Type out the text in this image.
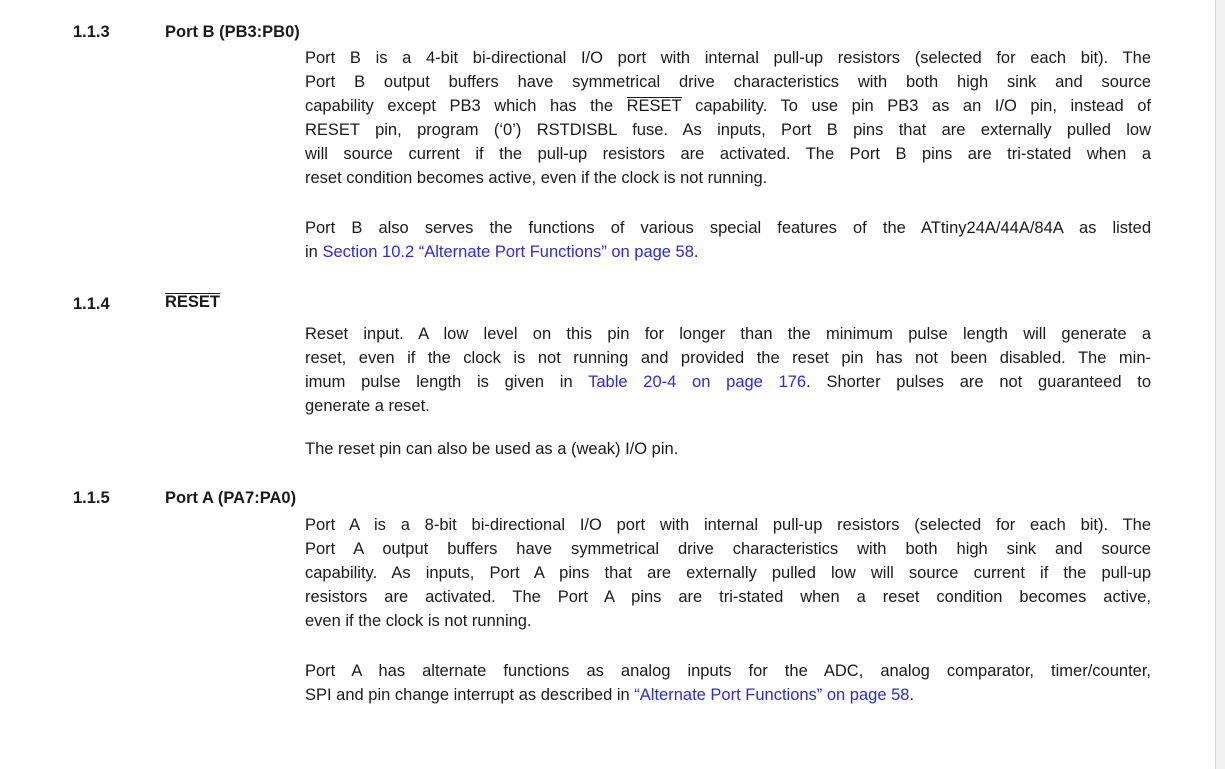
1.1.3	Port B (PB3:PB0)
Port B is a 4-bit bi-directional I/O port with internal pull-up resistors (selected for each bit). The
Port B output buffers have symmetrical drive characteristics with both high sink and source
capability except PB3 which has the RESET capability. To use pin PB3 as an I/O pin, instead of
RESET pin, program (‘0’) RSTDISBL fuse. As inputs, Port B pins that are externally pulled low
will source current if the pull-up resistors are activated. The Port B pins are tri-stated when a
reset condition becomes active, even if the clock is not running.
Port B also serves the functions of various special features of the ATtiny24A/44A/84A as listed
in Section 10.2 “Alternate Port Functions” on page 58.
1.1.4	RESET
Reset input. A low level on this pin for longer than the minimum pulse length will generate a
reset, even if the clock is not running and provided the reset pin has not been disabled. The min-
imum pulse length is given in Table 20-4 on page 176. Shorter pulses are not guaranteed to
generate a reset.
The reset pin can also be used as a (weak) I/O pin.
1.1.5	Port A (PA7:PA0)
Port A is a 8-bit bi-directional I/O port with internal pull-up resistors (selected for each bit). The
Port A output buffers have symmetrical drive characteristics with both high sink and source
capability. As inputs, Port A pins that are externally pulled low will source current if the pull-up
resistors are activated. The Port A pins are tri-stated when a reset condition becomes active,
even if the clock is not running.
Port A has alternate functions as analog inputs for the ADC, analog comparator, timer/counter,
SPI and pin change interrupt as described in “Alternate Port Functions” on page 58.
